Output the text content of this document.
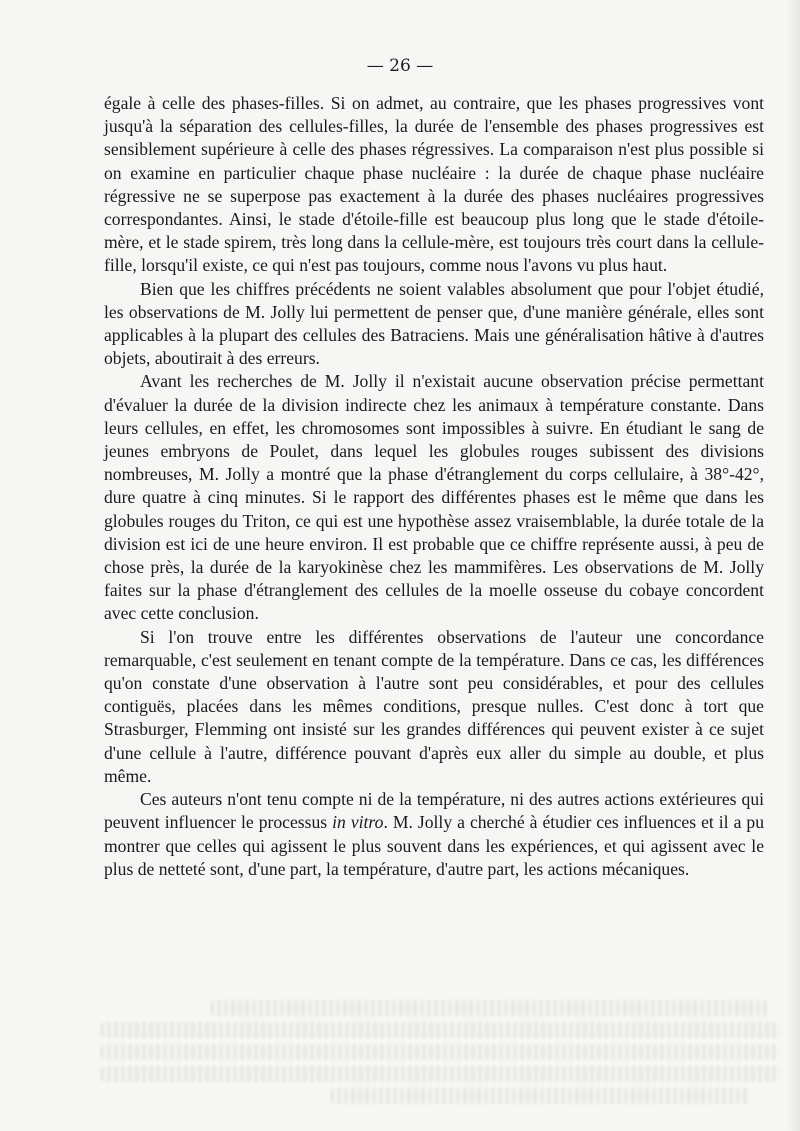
— 26 —

égale à celle des phases-filles. Si on admet, au contraire, que les phases progressives vont jusqu'à la séparation des cellules-filles, la durée de l'ensemble des phases progressives est sensiblement supérieure à celle des phases régressives. La comparaison n'est plus possible si on examine en particulier chaque phase nucléaire : la durée de chaque phase nucléaire régressive ne se superpose pas exactement à la durée des phases nucléaires progressives correspondantes. Ainsi, le stade d'étoile-fille est beaucoup plus long que le stade d'étoile-mère, et le stade spirem, très long dans la cellule-mère, est toujours très court dans la cellule-fille, lorsqu'il existe, ce qui n'est pas toujours, comme nous l'avons vu plus haut.

Bien que les chiffres précédents ne soient valables absolument que pour l'objet étudié, les observations de M. Jolly lui permettent de penser que, d'une manière générale, elles sont applicables à la plupart des cellules des Batraciens. Mais une généralisation hâtive à d'autres objets, aboutirait à des erreurs.

Avant les recherches de M. Jolly il n'existait aucune observation précise permettant d'évaluer la durée de la division indirecte chez les animaux à température constante. Dans leurs cellules, en effet, les chromosomes sont impossibles à suivre. En étudiant le sang de jeunes embryons de Poulet, dans lequel les globules rouges subissent des divisions nombreuses, M. Jolly a montré que la phase d'étranglement du corps cellulaire, à 38°-42°, dure quatre à cinq minutes. Si le rapport des différentes phases est le même que dans les globules rouges du Triton, ce qui est une hypothèse assez vraisemblable, la durée totale de la division est ici de une heure environ. Il est probable que ce chiffre représente aussi, à peu de chose près, la durée de la karyokinèse chez les mammifères. Les observations de M. Jolly faites sur la phase d'étranglement des cellules de la moelle osseuse du cobaye concordent avec cette conclusion.

Si l'on trouve entre les différentes observations de l'auteur une concordance remarquable, c'est seulement en tenant compte de la température. Dans ce cas, les différences qu'on constate d'une observation à l'autre sont peu considérables, et pour des cellules contiguës, placées dans les mêmes conditions, presque nulles. C'est donc à tort que Strasburger, Flemming ont insisté sur les grandes différences qui peuvent exister à ce sujet d'une cellule à l'autre, différence pouvant d'après eux aller du simple au double, et plus même.

Ces auteurs n'ont tenu compte ni de la température, ni des autres actions extérieures qui peuvent influencer le processus in vitro. M. Jolly a cherché à étudier ces influences et il a pu montrer que celles qui agissent le plus souvent dans les expériences, et qui agissent avec le plus de netteté sont, d'une part, la température, d'autre part, les actions mécaniques.
